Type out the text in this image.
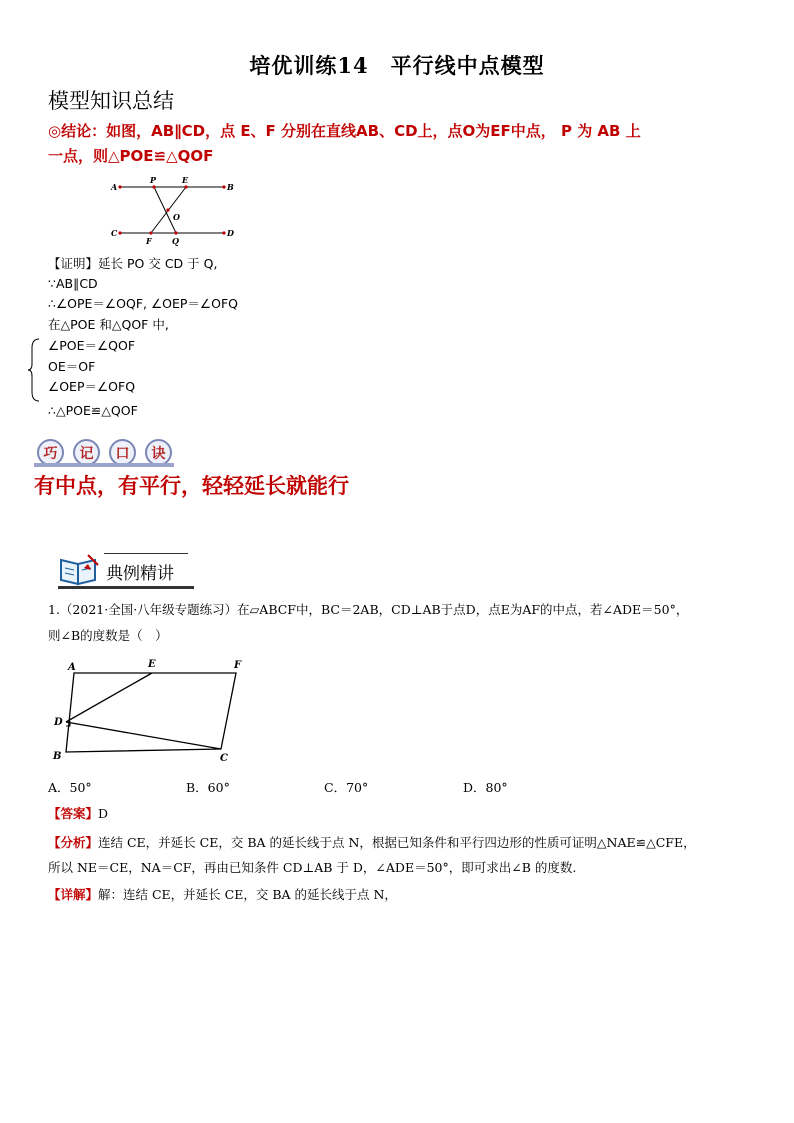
培优训练14　平行线中点模型
模型知识总结
◎结论：如图，AB∥CD，点 E、F 分别在直线AB、CD上，点O为EF中点， P 为 AB 上
一点，则△POE≌△QOF
A
P	E
B
O
C
F	Q
D
【证明】延长 PO 交 CD 于 Q,
∵AB∥CD
∴∠OPE＝∠OQF, ∠OEP＝∠OFQ
在△POE 和△QOF 中,
∠POE＝∠QOF
OE＝OF
∠OEP＝∠OFQ
∴△POE≌△QOF
巧	记	口	诀
有中点，有平行，轻轻延长就能行
典例精讲
1.（2021·全国·八年级专题练习）在▱ABCF中，BC＝2AB，CD⊥AB于点D，点E为AF的中点，若∠ADE＝50°，
则∠B的度数是（　）
A	E	F
D
B	C
A．50°	B．60°	C．70°	D．80°
【答案】D
【分析】连结 CE，并延长 CE，交 BA 的延长线于点 N，根据已知条件和平行四边形的性质可证明△NAE≌△CFE，
所以 NE＝CE，NA＝CF，再由已知条件 CD⊥AB 于 D，∠ADE＝50°，即可求出∠B 的度数.
【详解】解：连结 CE，并延长 CE，交 BA 的延长线于点 N，
